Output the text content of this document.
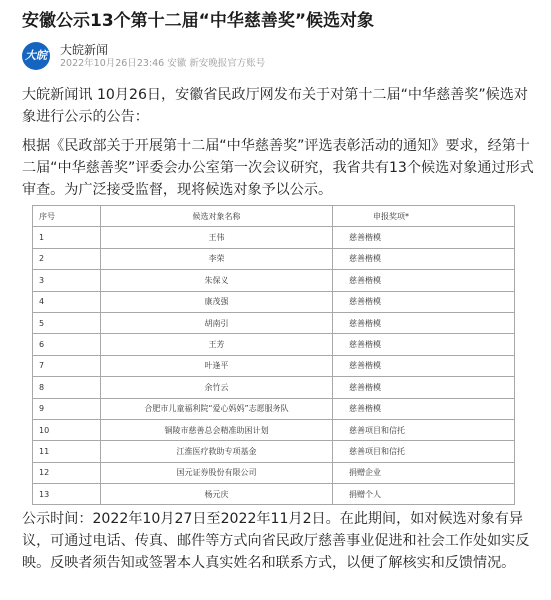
安徽公示13个第十二届“中华慈善奖”候选对象
大皖 大皖新闻
2022年10月26日23:46 安徽 新安晚报官方账号

大皖新闻讯 10月26日，安徽省民政厅网发布关于对第十二届“中华慈善奖”候选对象进行公示的公告：

根据《民政部关于开展第十二届“中华慈善奖”评选表彰活动的通知》要求，经第十二届“中华慈善奖”评委会办公室第一次会议研究，我省共有13个候选对象通过形式审查。为广泛接受监督，现将候选对象予以公示。

序号	候选对象名称	申报奖项*
1	王伟	慈善楷模
2	李荣	慈善楷模
3	朱保义	慈善楷模
4	康茂强	慈善楷模
5	胡南引	慈善楷模
6	王芳	慈善楷模
7	叶逢平	慈善楷模
8	余竹云	慈善楷模
9	合肥市儿童福利院“爱心妈妈”志愿服务队	慈善楷模
10	铜陵市慈善总会精准助困计划	慈善项目和信托
11	江淮医疗救助专项基金	慈善项目和信托
12	国元证券股份有限公司	捐赠企业
13	杨元庆	捐赠个人

公示时间：2022年10月27日至2022年11月2日。在此期间，如对候选对象有异议，可通过电话、传真、邮件等方式向省民政厅慈善事业促进和社会工作处如实反映。反映者须告知或签署本人真实姓名和联系方式，以便了解核实和反馈情况。
